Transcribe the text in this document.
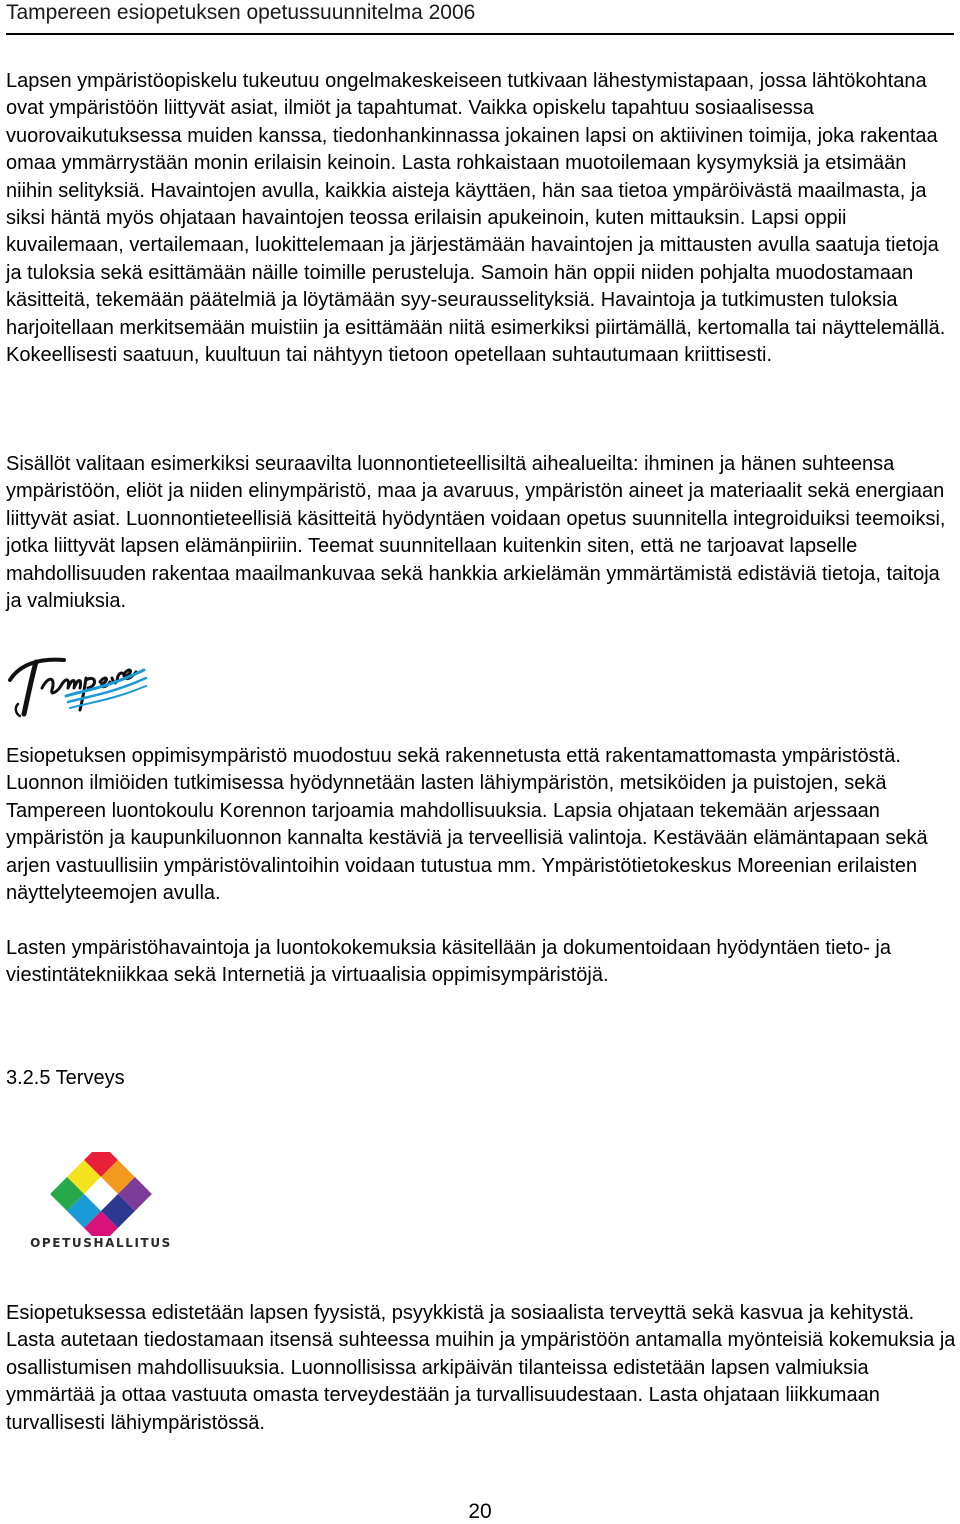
Tampereen esiopetuksen opetussuunnitelma 2006

Lapsen ympäristöopiskelu tukeutuu ongelmakeskeiseen tutkivaan lähestymistapaan, jossa lähtökohtana ovat ympäristöön liittyvät asiat, ilmiöt ja tapahtumat. Vaikka opiskelu tapahtuu sosiaalisessa vuorovaikutuksessa muiden kanssa, tiedonhankinnassa jokainen lapsi on aktiivinen toimija, joka rakentaa omaa ymmärrystään monin erilaisin keinoin. Lasta rohkaistaan muotoilemaan kysymyksiä ja etsimään niihin selityksiä. Havaintojen avulla, kaikkia aisteja käyttäen, hän saa tietoa ympäröivästä maailmasta, ja siksi häntä myös ohjataan havaintojen teossa erilaisin apukeinoin, kuten mittauksin. Lapsi oppii kuvailemaan, vertailemaan, luokittelemaan ja järjestämään havaintojen ja mittausten avulla saatuja tietoja ja tuloksia sekä esittämään näille toimille perusteluja. Samoin hän oppii niiden pohjalta muodostamaan käsitteitä, tekemään päätelmiä ja löytämään syy-seurausselityksiä. Havaintoja ja tutkimusten tuloksia harjoitellaan merkitsemään muistiin ja esittämään niitä esimerkiksi piirtämällä, kertomalla tai näyttelemällä. Kokeellisesti saatuun, kuultuun tai nähtyyn tietoon opetellaan suhtautumaan kriittisesti.

Sisällöt valitaan esimerkiksi seuraavilta luonnontieteellisiltä aihealueilta: ihminen ja hänen suhteensa ympäristöön, eliöt ja niiden elinympäristö, maa ja avaruus, ympäristön aineet ja materiaalit sekä energiaan liittyvät asiat. Luonnontieteellisiä käsitteitä hyödyntäen voidaan opetus suunnitella integroiduiksi teemoiksi, jotka liittyvät lapsen elämänpiiriin. Teemat suunnitellaan kuitenkin siten, että ne tarjoavat lapselle mahdollisuuden rakentaa maailmankuvaa sekä hankkia arkielämän ymmärtämistä edistäviä tietoja, taitoja ja valmiuksia.

Esiopetuksen oppimisympäristö muodostuu sekä rakennetusta että rakentamattomasta ympäristöstä. Luonnon ilmiöiden tutkimisessa hyödynnetään lasten lähiympäristön, metsiköiden ja puistojen, sekä Tampereen luontokoulu Korennon tarjoamia mahdollisuuksia. Lapsia ohjataan tekemään arjessaan ympäristön ja kaupunkiluonnon kannalta kestäviä ja terveellisiä valintoja. Kestävään elämäntapaan sekä arjen vastuullisiin ympäristövalintoihin voidaan tutustua mm. Ympäristötietokeskus Moreenian erilaisten näyttelyteemojen avulla.

Lasten ympäristöhavaintoja ja luontokokemuksia käsitellään ja dokumentoidaan hyödyntäen tieto- ja viestintätekniikkaa sekä Internetiä ja virtuaalisia oppimisympäristöjä.

3.2.5 Terveys
OPETUSHALLITUS

Esiopetuksessa edistetään lapsen fyysistä, psyykkistä ja sosiaalista terveyttä sekä kasvua ja kehitystä. Lasta autetaan tiedostamaan itsensä suhteessa muihin ja ympäristöön antamalla myönteisiä kokemuksia ja osallistumisen mahdollisuuksia. Luonnollisissa arkipäivän tilanteissa edistetään lapsen valmiuksia ymmärtää ja ottaa vastuuta omasta terveydestään ja turvallisuudestaan. Lasta ohjataan liikkumaan turvallisesti lähiympäristössä.

20
